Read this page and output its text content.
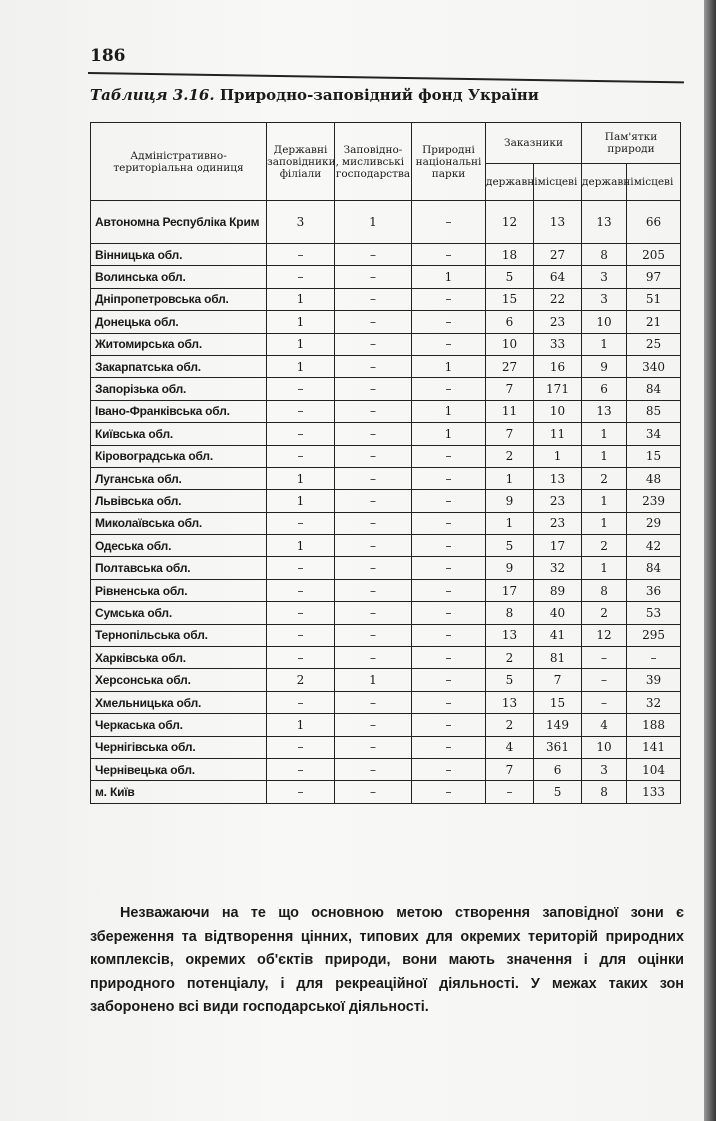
186
Таблиця 3.16. Природно-заповідний фонд України
Адміністративно-територіальна одиниця	Державні заповідники, філіали	Заповідно-мисливські господарства	Природні національні парки	Заказники		Пам'ятки природи	
				державні	місцеві	державні	місцеві
Автономна Республіка Крим	3	1	–	12	13	13	66
Вінницька обл.	–	–	–	18	27	8	205
Волинська обл.	–	–	1	5	64	3	97
Дніпропетровська обл.	1	–	–	15	22	3	51
Донецька обл.	1	–	–	6	23	10	21
Житомирська обл.	1	–	–	10	33	1	25
Закарпатська обл.	1	–	1	27	16	9	340
Запорізька обл.	–	–	–	7	171	6	84
Івано-Франківська обл.	–	–	1	11	10	13	85
Київська обл.	–	–	1	7	11	1	34
Кіровоградська обл.	–	–	–	2	1	1	15
Луганська обл.	1	–	–	1	13	2	48
Львівська обл.	1	–	–	9	23	1	239
Миколаївська обл.	–	–	–	1	23	1	29
Одеська обл.	1	–	–	5	17	2	42
Полтавська обл.	–	–	–	9	32	1	84
Рівненська обл.	–	–	–	17	89	8	36
Сумська обл.	–	–	–	8	40	2	53
Тернопільська обл.	–	–	–	13	41	12	295
Харківська обл.	–	–	–	2	81	–	–
Херсонська обл.	2	1	–	5	7	–	39
Хмельницька обл.	–	–	–	13	15	–	32
Черкаська обл.	1	–	–	2	149	4	188
Чернігівська обл.	–	–	–	4	361	10	141
Чернівецька обл.	–	–	–	7	6	3	104
м. Київ	–	–	–	–	5	8	133
Незважаючи на те що основною метою створення заповідної зони є збереження та відтворення цінних, типових для окремих територій природних комплексів, окремих об'єктів природи, вони мають значення і для оцінки природного потенціалу, і для рекреаційної діяльності. У межах таких зон заборонено всі види господарської діяльності.
